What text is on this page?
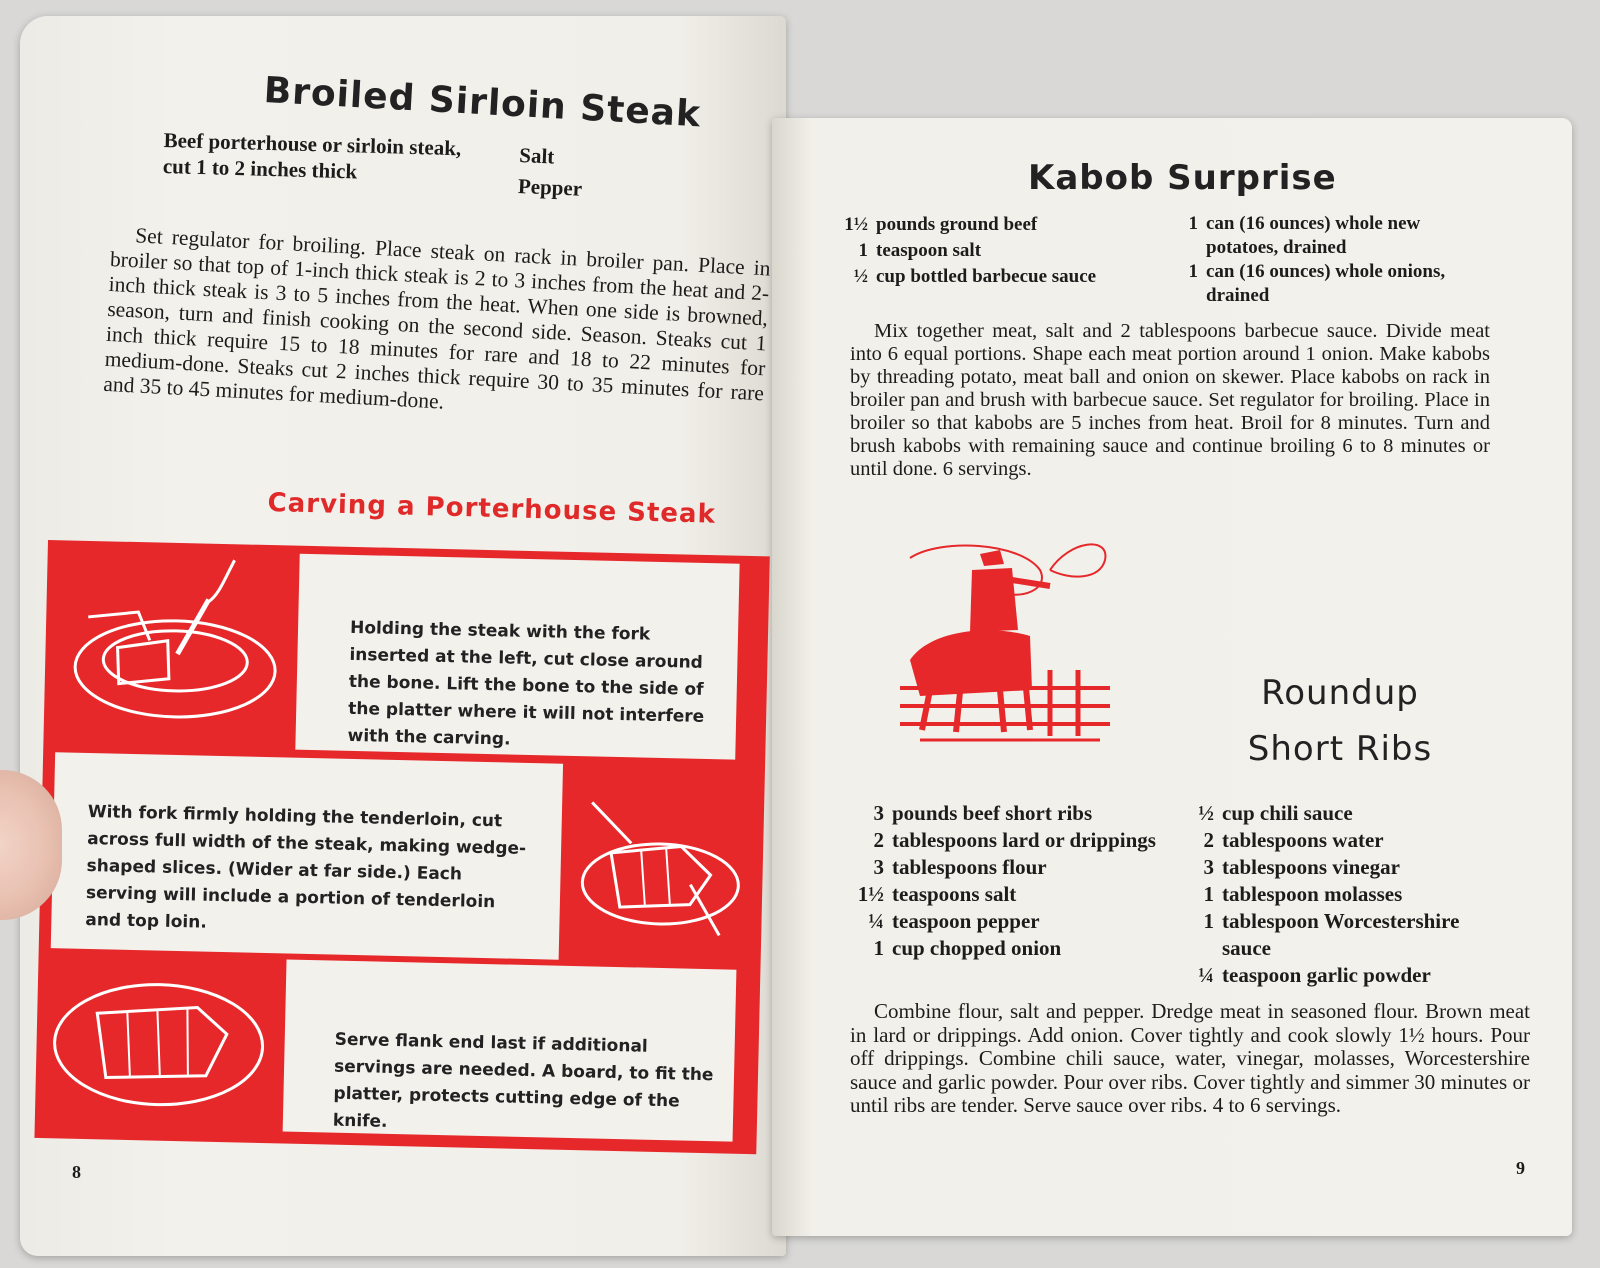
Broiled Sirloin Steak
Beef porterhouse or sirloin steak, cut 1 to 2 inches thick	Salt
Pepper
Set regulator for broiling. Place steak on rack in broiler pan. Place in broiler so that top of 1-inch thick steak is 2 to 3 inches from the heat and 2-inch thick steak is 3 to 5 inches from the heat. When one side is browned, season, turn and finish cooking on the second side. Season. Steaks cut 1 inch thick require 15 to 18 minutes for rare and 18 to 22 minutes for medium-done. Steaks cut 2 inches thick require 30 to 35 minutes for rare and 35 to 45 minutes for medium-done.
Carving a Porterhouse Steak
Holding the steak with the fork inserted at the left, cut close around the bone. Lift the bone to the side of the platter where it will not interfere with the carving.
With fork firmly holding the tenderloin, cut across full width of the steak, making wedge-shaped slices. (Wider at far side.) Each serving will include a portion of tenderloin and top loin.
Serve flank end last if additional servings are needed. A board, to fit the platter, protects cutting edge of the knife.
8
Kabob Surprise
1½ pounds ground beef
1 teaspoon salt
½ cup bottled barbecue sauce
1 can (16 ounces) whole new potatoes, drained
1 can (16 ounces) whole onions, drained
Mix together meat, salt and 2 tablespoons barbecue sauce. Divide meat into 6 equal portions. Shape each meat portion around 1 onion. Make kabobs by threading potato, meat ball and onion on skewer. Place kabobs on rack in broiler pan and brush with barbecue sauce. Set regulator for broiling. Place in broiler so that kabobs are 5 inches from heat. Broil for 8 minutes. Turn and brush kabobs with remaining sauce and continue broiling 6 to 8 minutes or until done. 6 servings.
Roundup
Short Ribs
3 pounds beef short ribs
2 tablespoons lard or drippings
3 tablespoons flour
1½ teaspoons salt
¼ teaspoon pepper
1 cup chopped onion
½ cup chili sauce
2 tablespoons water
3 tablespoons vinegar
1 tablespoon molasses
1 tablespoon Worcestershire sauce
¼ teaspoon garlic powder
Combine flour, salt and pepper. Dredge meat in seasoned flour. Brown meat in lard or drippings. Add onion. Cover tightly and cook slowly 1½ hours. Pour off drippings. Combine chili sauce, water, vinegar, molasses, Worcestershire sauce and garlic powder. Pour over ribs. Cover tightly and simmer 30 minutes or until ribs are tender. Serve sauce over ribs. 4 to 6 servings.
9
